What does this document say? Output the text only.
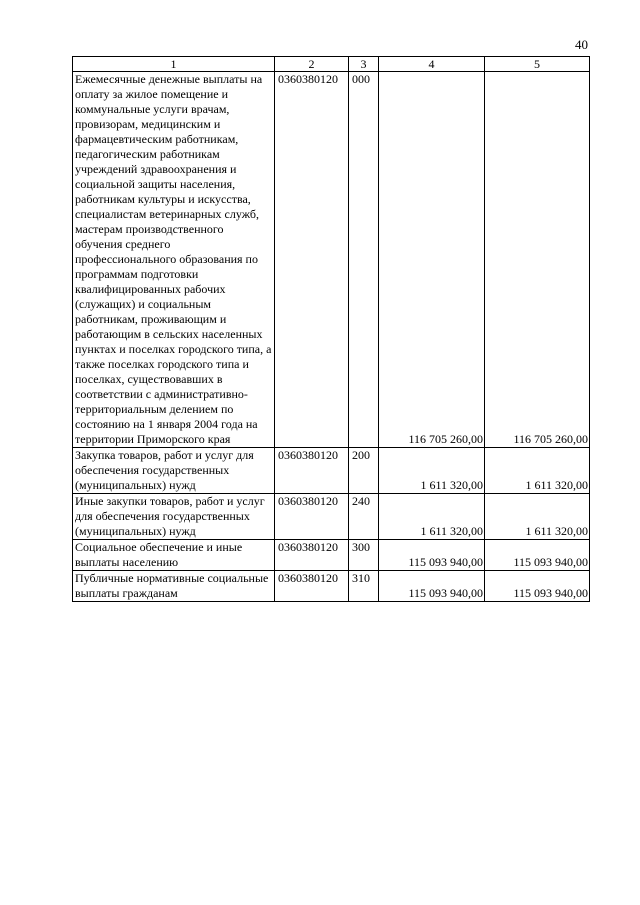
40
1	2	3	4	5
Ежемесячные денежные выплаты на оплату за жилое помещение и коммунальные услуги врачам, провизорам, медицинским и фармацевтическим работникам, педагогическим работникам учреждений здравоохранения и социальной защиты населения, работникам культуры и искусства, специалистам ветеринарных служб, мастерам производственного обучения среднего профессионального образования по программам подготовки квалифицированных рабочих (служащих) и социальным работникам, проживающим и работающим в сельских населенных пунктах и поселках городского типа, а также поселках городского типа и поселках, существовавших в соответствии с административно-территориальным делением по состоянию на 1 января 2004 года на территории Приморского края	0360380120	000	116 705 260,00	116 705 260,00
Закупка товаров, работ и услуг для обеспечения государственных (муниципальных) нужд	0360380120	200	1 611 320,00	1 611 320,00
Иные закупки товаров, работ и услуг для обеспечения государственных (муниципальных) нужд	0360380120	240	1 611 320,00	1 611 320,00
Социальное обеспечение и иные выплаты населению	0360380120	300	115 093 940,00	115 093 940,00
Публичные нормативные социальные выплаты гражданам	0360380120	310	115 093 940,00	115 093 940,00
